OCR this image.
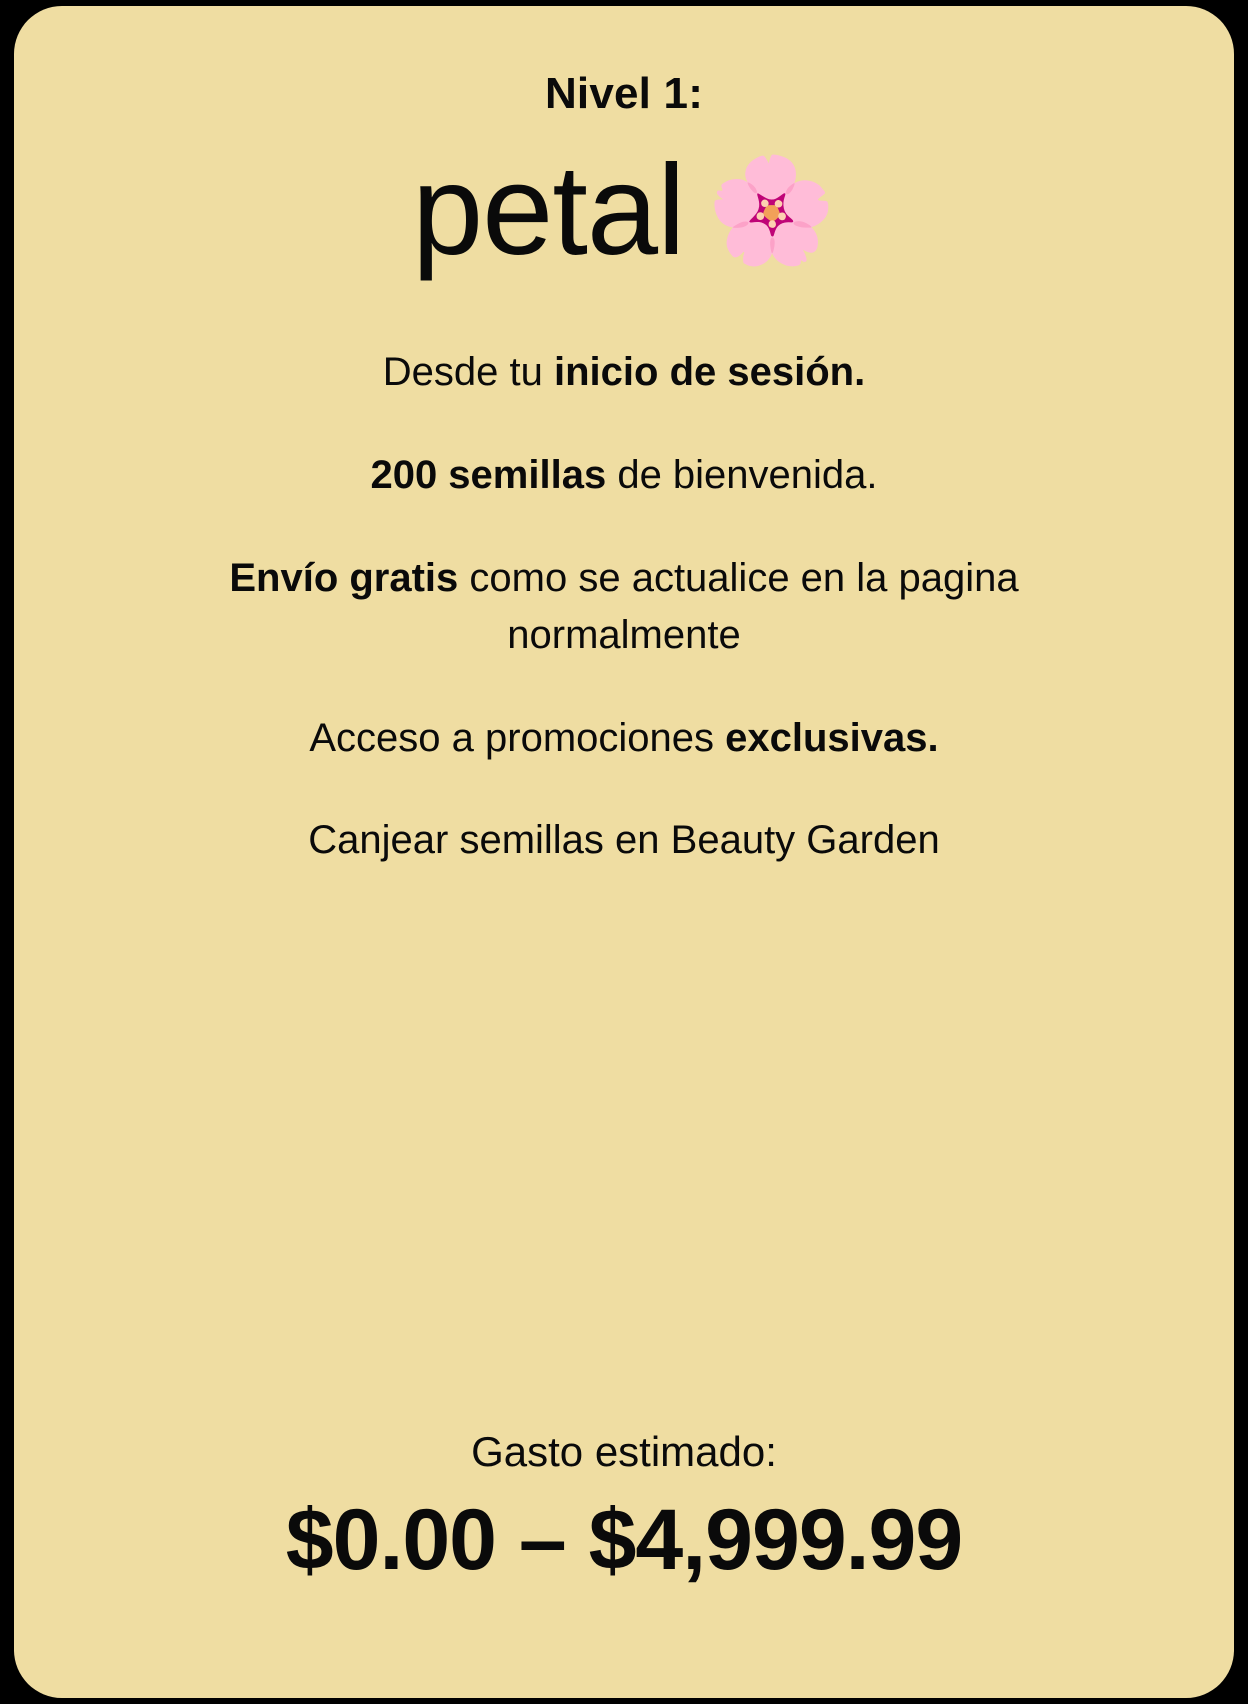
Nivel 1:
petal 🌸
Desde tu inicio de sesión.
200 semillas de bienvenida.
Envío gratis como se actualice en la pagina normalmente
Acceso a promociones exclusivas.
Canjear semillas en Beauty Garden
Gasto estimado:
$0.00 – $4,999.99
